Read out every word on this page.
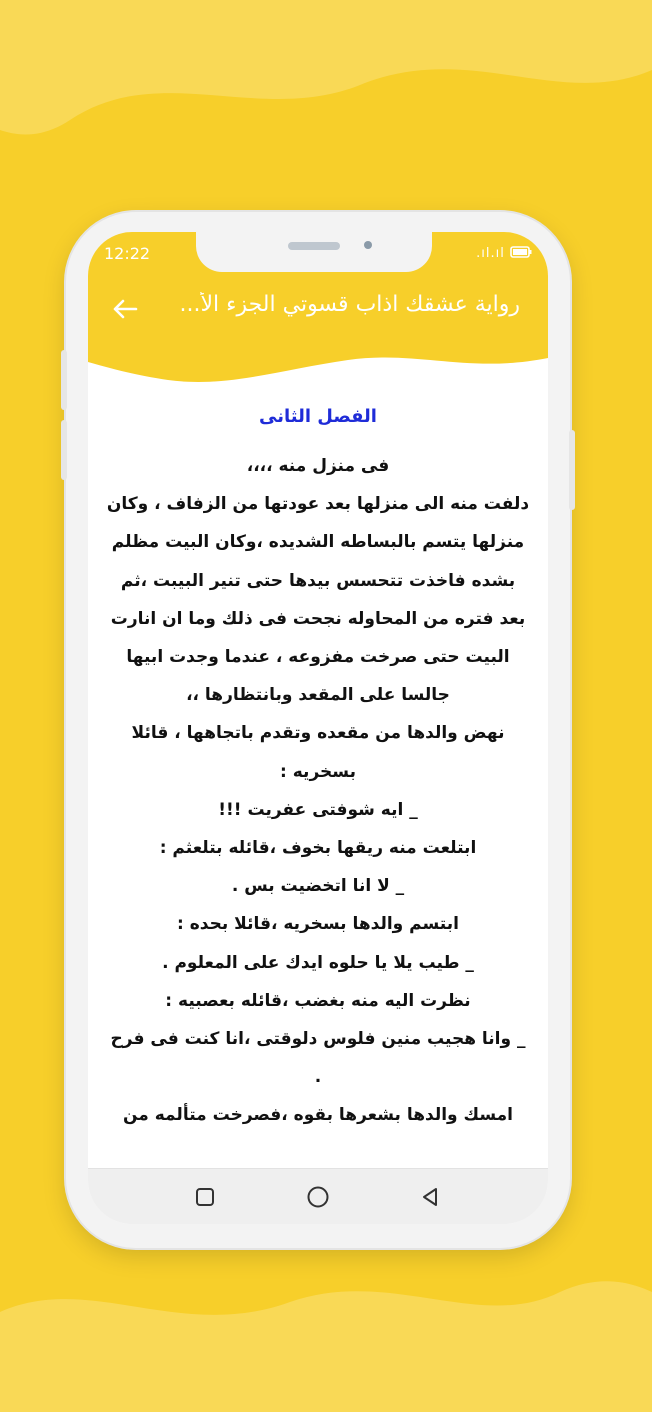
12:22	.ıl.ıl
رواية عشقك اذاب قسوتي الجزء الأ...
الفصل الثانى
فى منزل منه ،،،،
دلفت منه الى منزلها بعد عودتها من الزفاف ، وكان
منزلها يتسم بالبساطه الشديده ،وكان البيت مظلم
بشده فاخذت تتحسس بيدها حتى تنير البيبت ،ثم
بعد فتره من المحاوله نجحت فى ذلك وما ان انارت
البيت حتى صرخت مفزوعه ، عندما وجدت ابيها
جالسا على المقعد وبانتظارها ،،
نهض والدها من مقعده وتقدم باتجاهها ، قائلا
بسخريه :
_ ايه شوفتى عفريت !!!
ابتلعت منه ريقها بخوف ،قائله بتلعثم :
_ لا انا اتخضيت بس .
ابتسم والدها بسخريه ،قائلا بحده :
_ طيب يلا يا حلوه ايدك على المعلوم .
نظرت اليه منه بغضب ،قائله بعصبيه :
_ وانا هجيب منين فلوس دلوقتى ،انا كنت فى فرح
.
امسك والدها بشعرها بقوه ،فصرخت متألمه من
